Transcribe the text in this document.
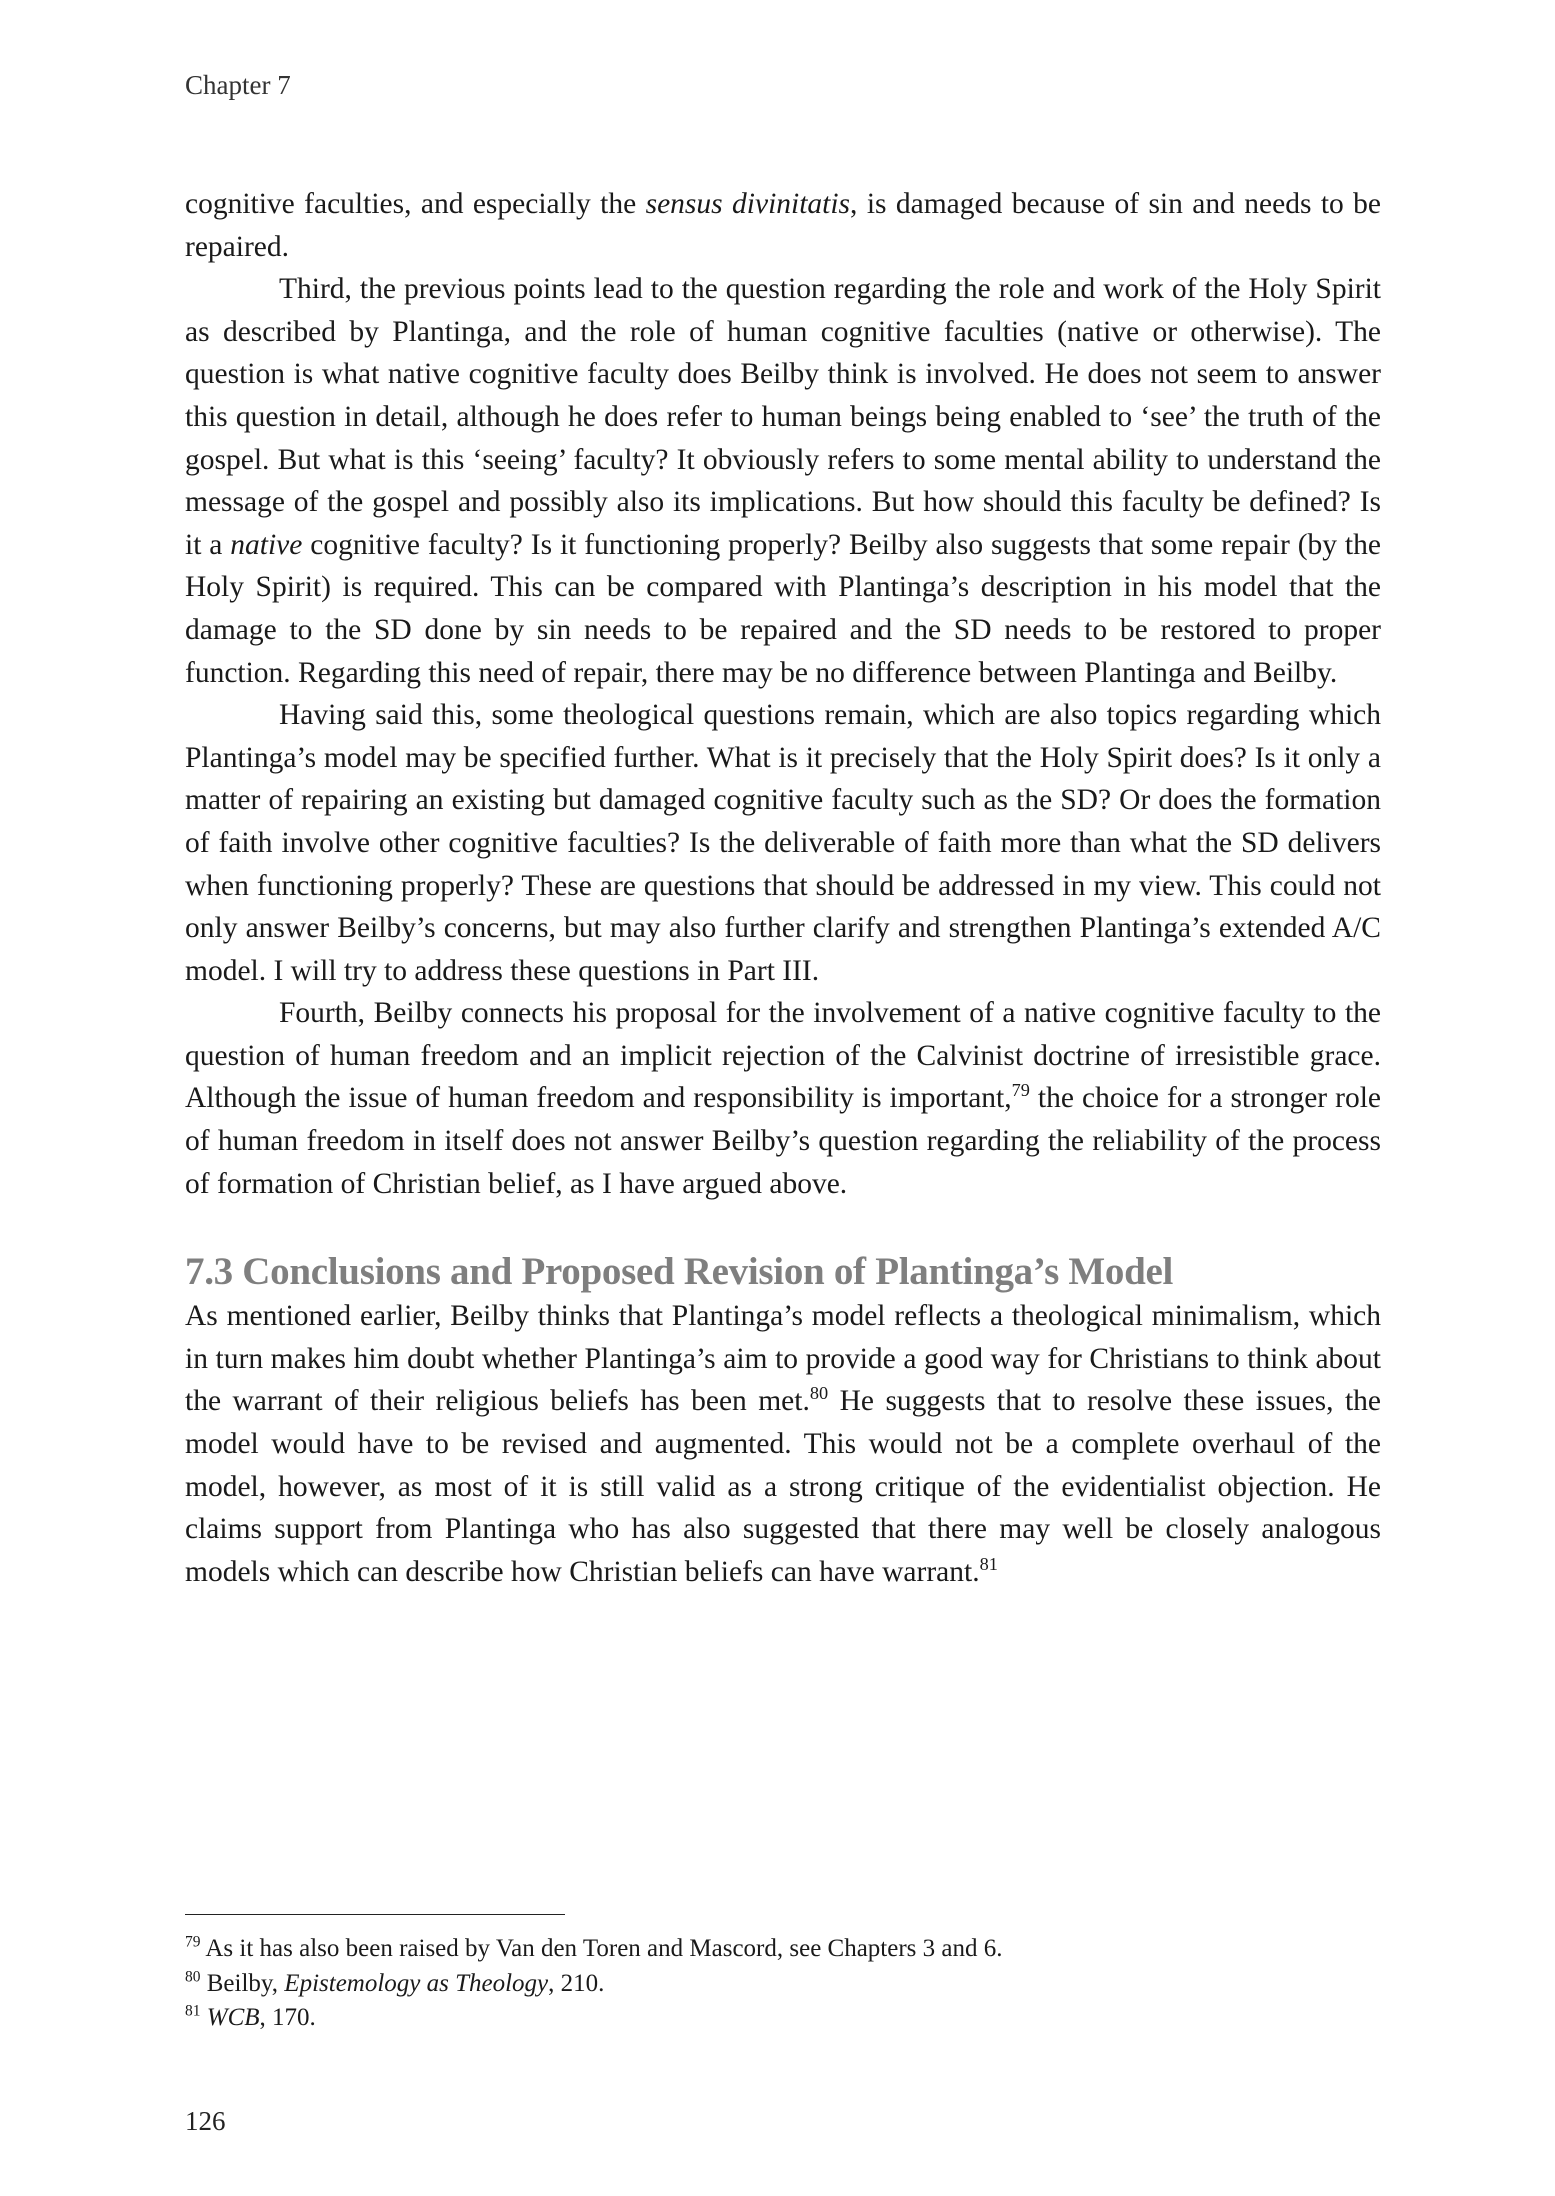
Chapter 7

cognitive faculties, and especially the sensus divinitatis, is damaged because of sin and needs to be repaired.

Third, the previous points lead to the question regarding the role and work of the Holy Spirit as described by Plantinga, and the role of human cognitive faculties (native or otherwise). The question is what native cognitive faculty does Beilby think is involved. He does not seem to answer this question in detail, although he does refer to human beings being enabled to ‘see’ the truth of the gospel. But what is this ‘seeing’ faculty? It obviously refers to some mental ability to understand the message of the gospel and possibly also its implications. But how should this faculty be defined? Is it a native cognitive faculty? Is it functioning properly? Beilby also suggests that some repair (by the Holy Spirit) is required. This can be compared with Plantinga’s description in his model that the damage to the SD done by sin needs to be repaired and the SD needs to be restored to proper function. Regarding this need of repair, there may be no difference between Plantinga and Beilby.

Having said this, some theological questions remain, which are also topics regarding which Plantinga’s model may be specified further. What is it precisely that the Holy Spirit does? Is it only a matter of repairing an existing but damaged cognitive faculty such as the SD? Or does the formation of faith involve other cognitive faculties? Is the deliverable of faith more than what the SD delivers when functioning properly? These are questions that should be addressed in my view. This could not only answer Beilby’s concerns, but may also further clarify and strengthen Plantinga’s extended A/C model. I will try to address these questions in Part III.

Fourth, Beilby connects his proposal for the involvement of a native cognitive faculty to the question of human freedom and an implicit rejection of the Calvinist doctrine of irresistible grace. Although the issue of human freedom and responsibility is important,$^{79}$ the choice for a stronger role of human freedom in itself does not answer Beilby’s question regarding the reliability of the process of formation of Christian belief, as I have argued above.

7.3 Conclusions and Proposed Revision of Plantinga’s Model

As mentioned earlier, Beilby thinks that Plantinga’s model reflects a theological minimalism, which in turn makes him doubt whether Plantinga’s aim to provide a good way for Christians to think about the warrant of their religious beliefs has been met.$^{80}$ He suggests that to resolve these issues, the model would have to be revised and augmented. This would not be a complete overhaul of the model, however, as most of it is still valid as a strong critique of the evidentialist objection. He claims support from Plantinga who has also suggested that there may well be closely analogous models which can describe how Christian beliefs can have warrant.$^{81}$

$^{79}$ As it has also been raised by Van den Toren and Mascord, see Chapters 3 and 6.
$^{80}$ Beilby, Epistemology as Theology, 210.
$^{81}$ WCB, 170.
126
